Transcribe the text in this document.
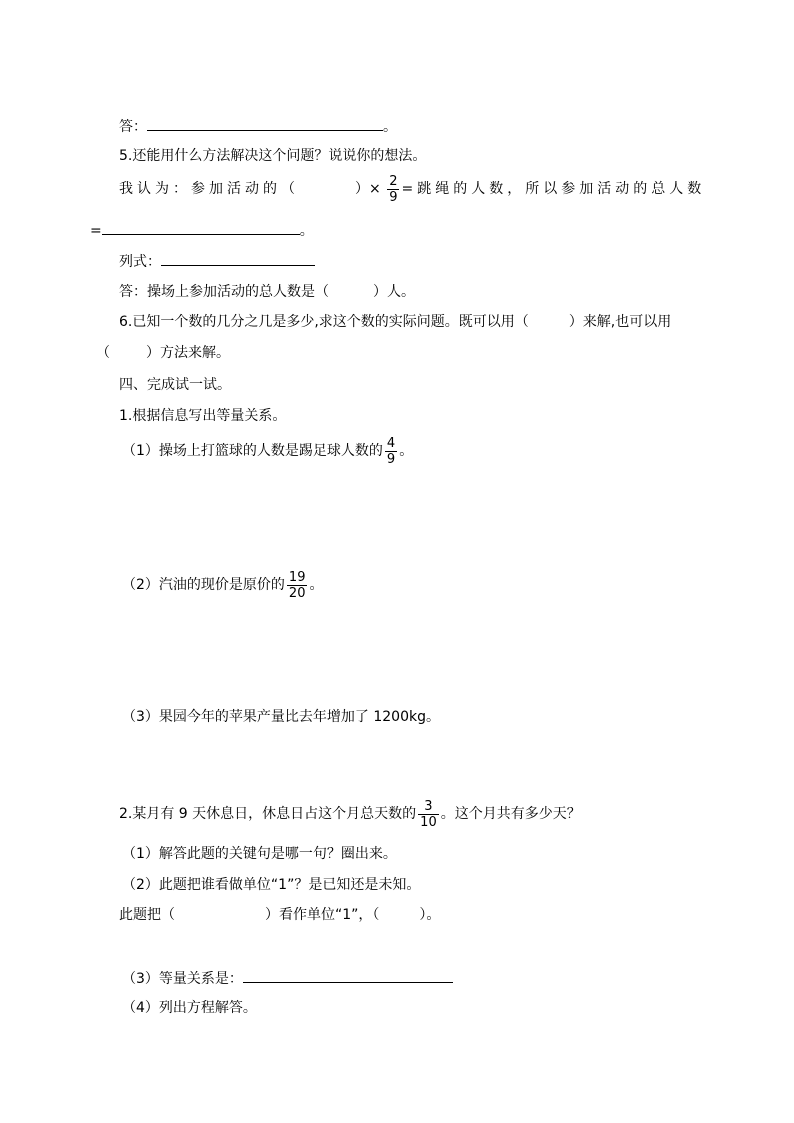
答：	。
5.还能用什么方法解决这个问题？说说你的想法。
我认为：参加活动的（	）× $\frac{2}{9}$ =跳绳的人数，所以参加活动的总人数
=	。
列式：
答：操场上参加活动的总人数是（	）人。
6.已知一个数的几分之几是多少,求这个数的实际问题。既可以用（	）来解,也可以用
（	）方法来解。
四、完成试一试。
1.根据信息写出等量关系。
（1）操场上打篮球的人数是踢足球人数的 $\frac{4}{9}$ 。
（2）汽油的现价是原价的 $\frac{19}{20}$ 。
（3）果园今年的苹果产量比去年增加了 1200kg。
2.某月有 9 天休息日，休息日占这个月总天数的 $\frac{3}{10}$ 。这个月共有多少天？
（1）解答此题的关键句是哪一句？圈出来。
（2）此题把谁看做单位“1”？是已知还是未知。
此题把（	）看作单位“1”，（	）。
（3）等量关系是：
（4）列出方程解答。
